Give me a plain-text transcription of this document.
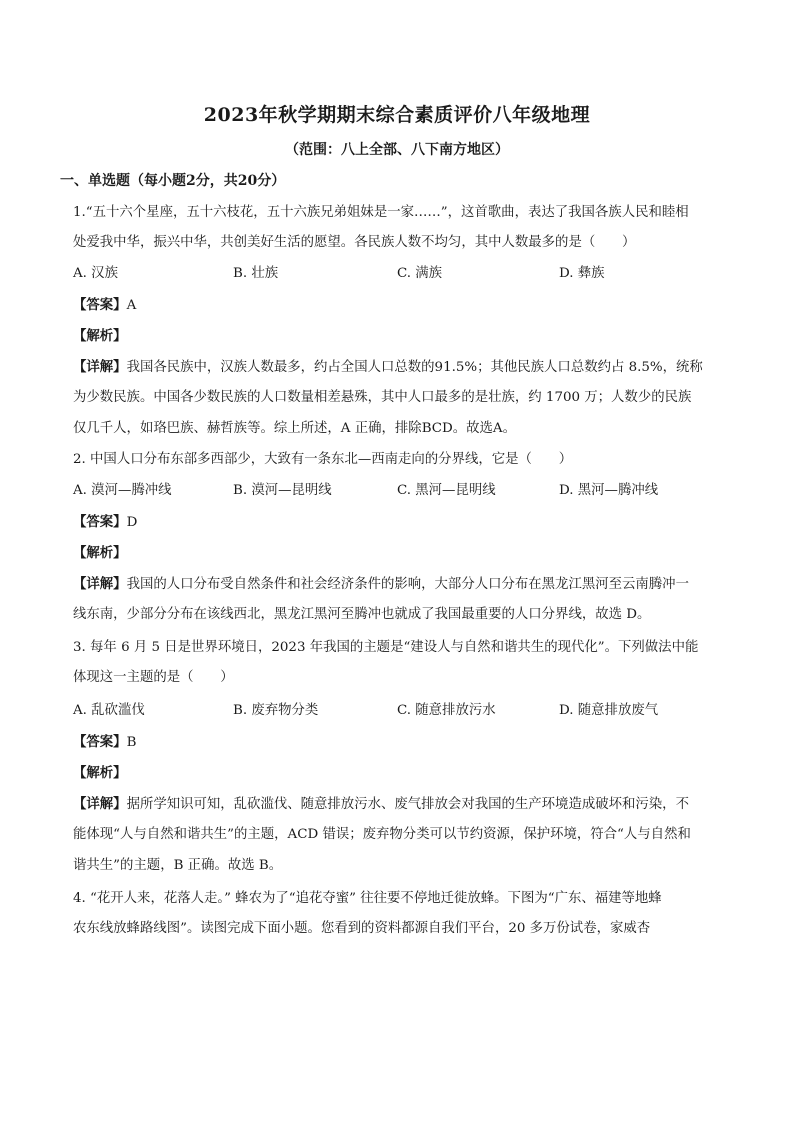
2023年秋学期期末综合素质评价八年级地理
（范围：八上全部、八下南方地区）
一、单选题（每小题2分，共20分）
1.“五十六个星座，五十六枝花，五十六族兄弟姐妹是一家……”，这首歌曲，表达了我国各族人民和睦相
处爱我中华，振兴中华，共创美好生活的愿望。各民族人数不均匀，其中人数最多的是（　　）
A. 汉族	B. 壮族	C. 满族	D. 彝族
【答案】A
【解析】
【详解】我国各民族中，汉族人数最多，约占全国人口总数的91.5%；其他民族人口总数约占 8.5%，统称
为少数民族。中国各少数民族的人口数量相差悬殊，其中人口最多的是壮族，约 1700 万；人数少的民族
仅几千人，如珞巴族、赫哲族等。综上所述，A 正确，排除BCD。故选A。
2. 中国人口分布东部多西部少，大致有一条东北—西南走向的分界线，它是（　　）
A. 漠河—腾冲线	B. 漠河—昆明线	C. 黑河—昆明线	D. 黑河—腾冲线
【答案】D
【解析】
【详解】我国的人口分布受自然条件和社会经济条件的影响，大部分人口分布在黑龙江黑河至云南腾冲一
线东南，少部分分布在该线西北，黑龙江黑河至腾冲也就成了我国最重要的人口分界线，故选 D。
3. 每年 6 月 5 日是世界环境日，2023 年我国的主题是“建设人与自然和谐共生的现代化”。下列做法中能
体现这一主题的是（　　）
A. 乱砍滥伐	B. 废弃物分类	C. 随意排放污水	D. 随意排放废气
【答案】B
【解析】
【详解】据所学知识可知，乱砍滥伐、随意排放污水、废气排放会对我国的生产环境造成破坏和污染，不
能体现“人与自然和谐共生”的主题，ACD 错误；废弃物分类可以节约资源，保护环境，符合“人与自然和
谐共生”的主题，B 正确。故选 B。
4. “花开人来，花落人走。” 蜂农为了“追花夺蜜” 往往要不停地迁徙放蜂。下图为“广东、福建等地蜂
农东线放蜂路线图”。读图完成下面小题。您看到的资料都源自我们平台，20 多万份试卷，家威杏
